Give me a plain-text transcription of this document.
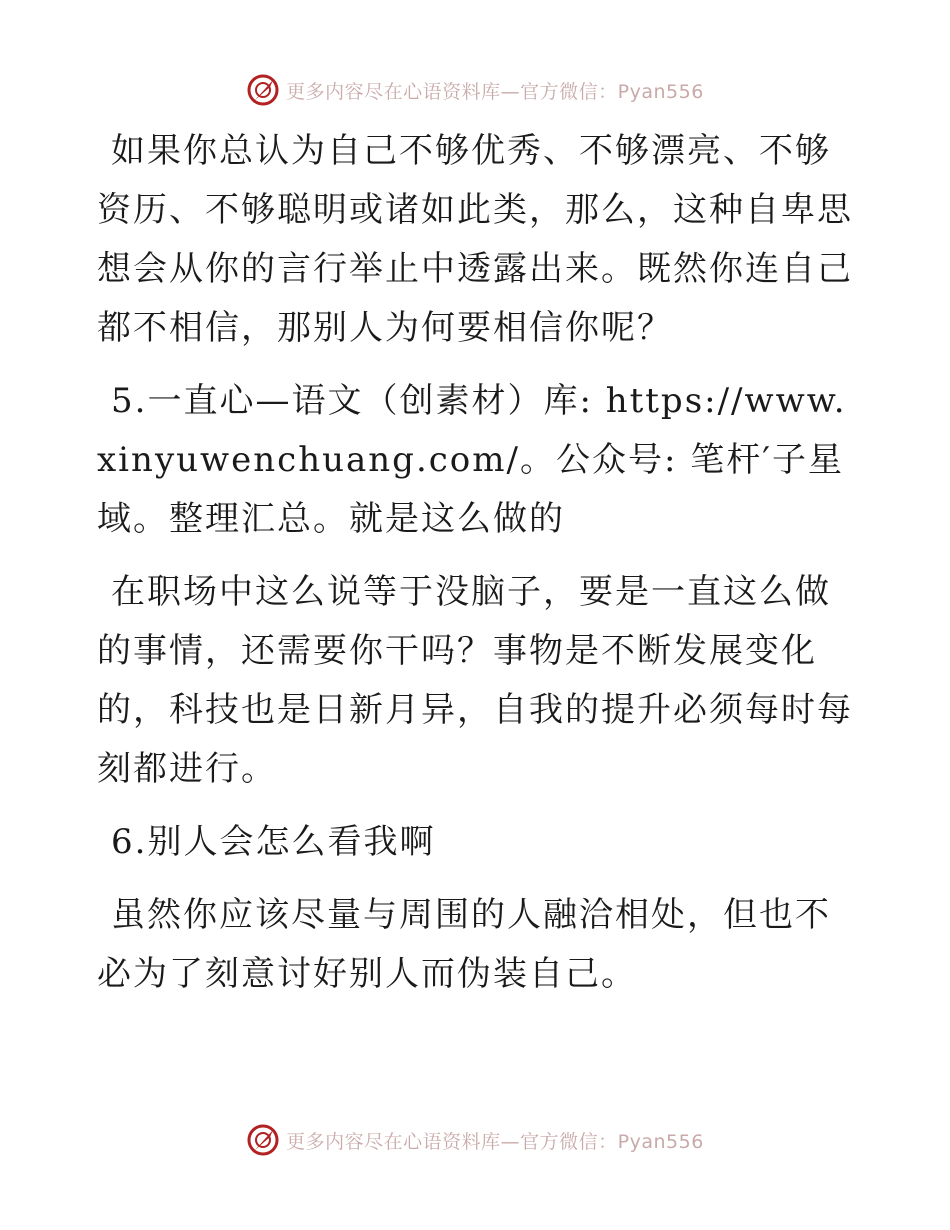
更多内容尽在心语资料库—官方微信：Pyan556

如果你总认为自己不够优秀、不够漂亮、不够资历、不够聪明或诸如此类，那么，这种自卑思想会从你的言行举止中透露出来。既然你连自己都不相信，那别人为何要相信你呢？

5.一直心—语文（创素材）库: https://www.xinyuwenchuang.com/。公众号: 笔杆′子星域。整理汇总。就是这么做的

在职场中这么说等于没脑子，要是一直这么做的事情，还需要你干吗？事物是不断发展变化的，科技也是日新月异，自我的提升必须每时每刻都进行。

6.别人会怎么看我啊

虽然你应该尽量与周围的人融洽相处，但也不必为了刻意讨好别人而伪装自己。

更多内容尽在心语资料库—官方微信：Pyan556
